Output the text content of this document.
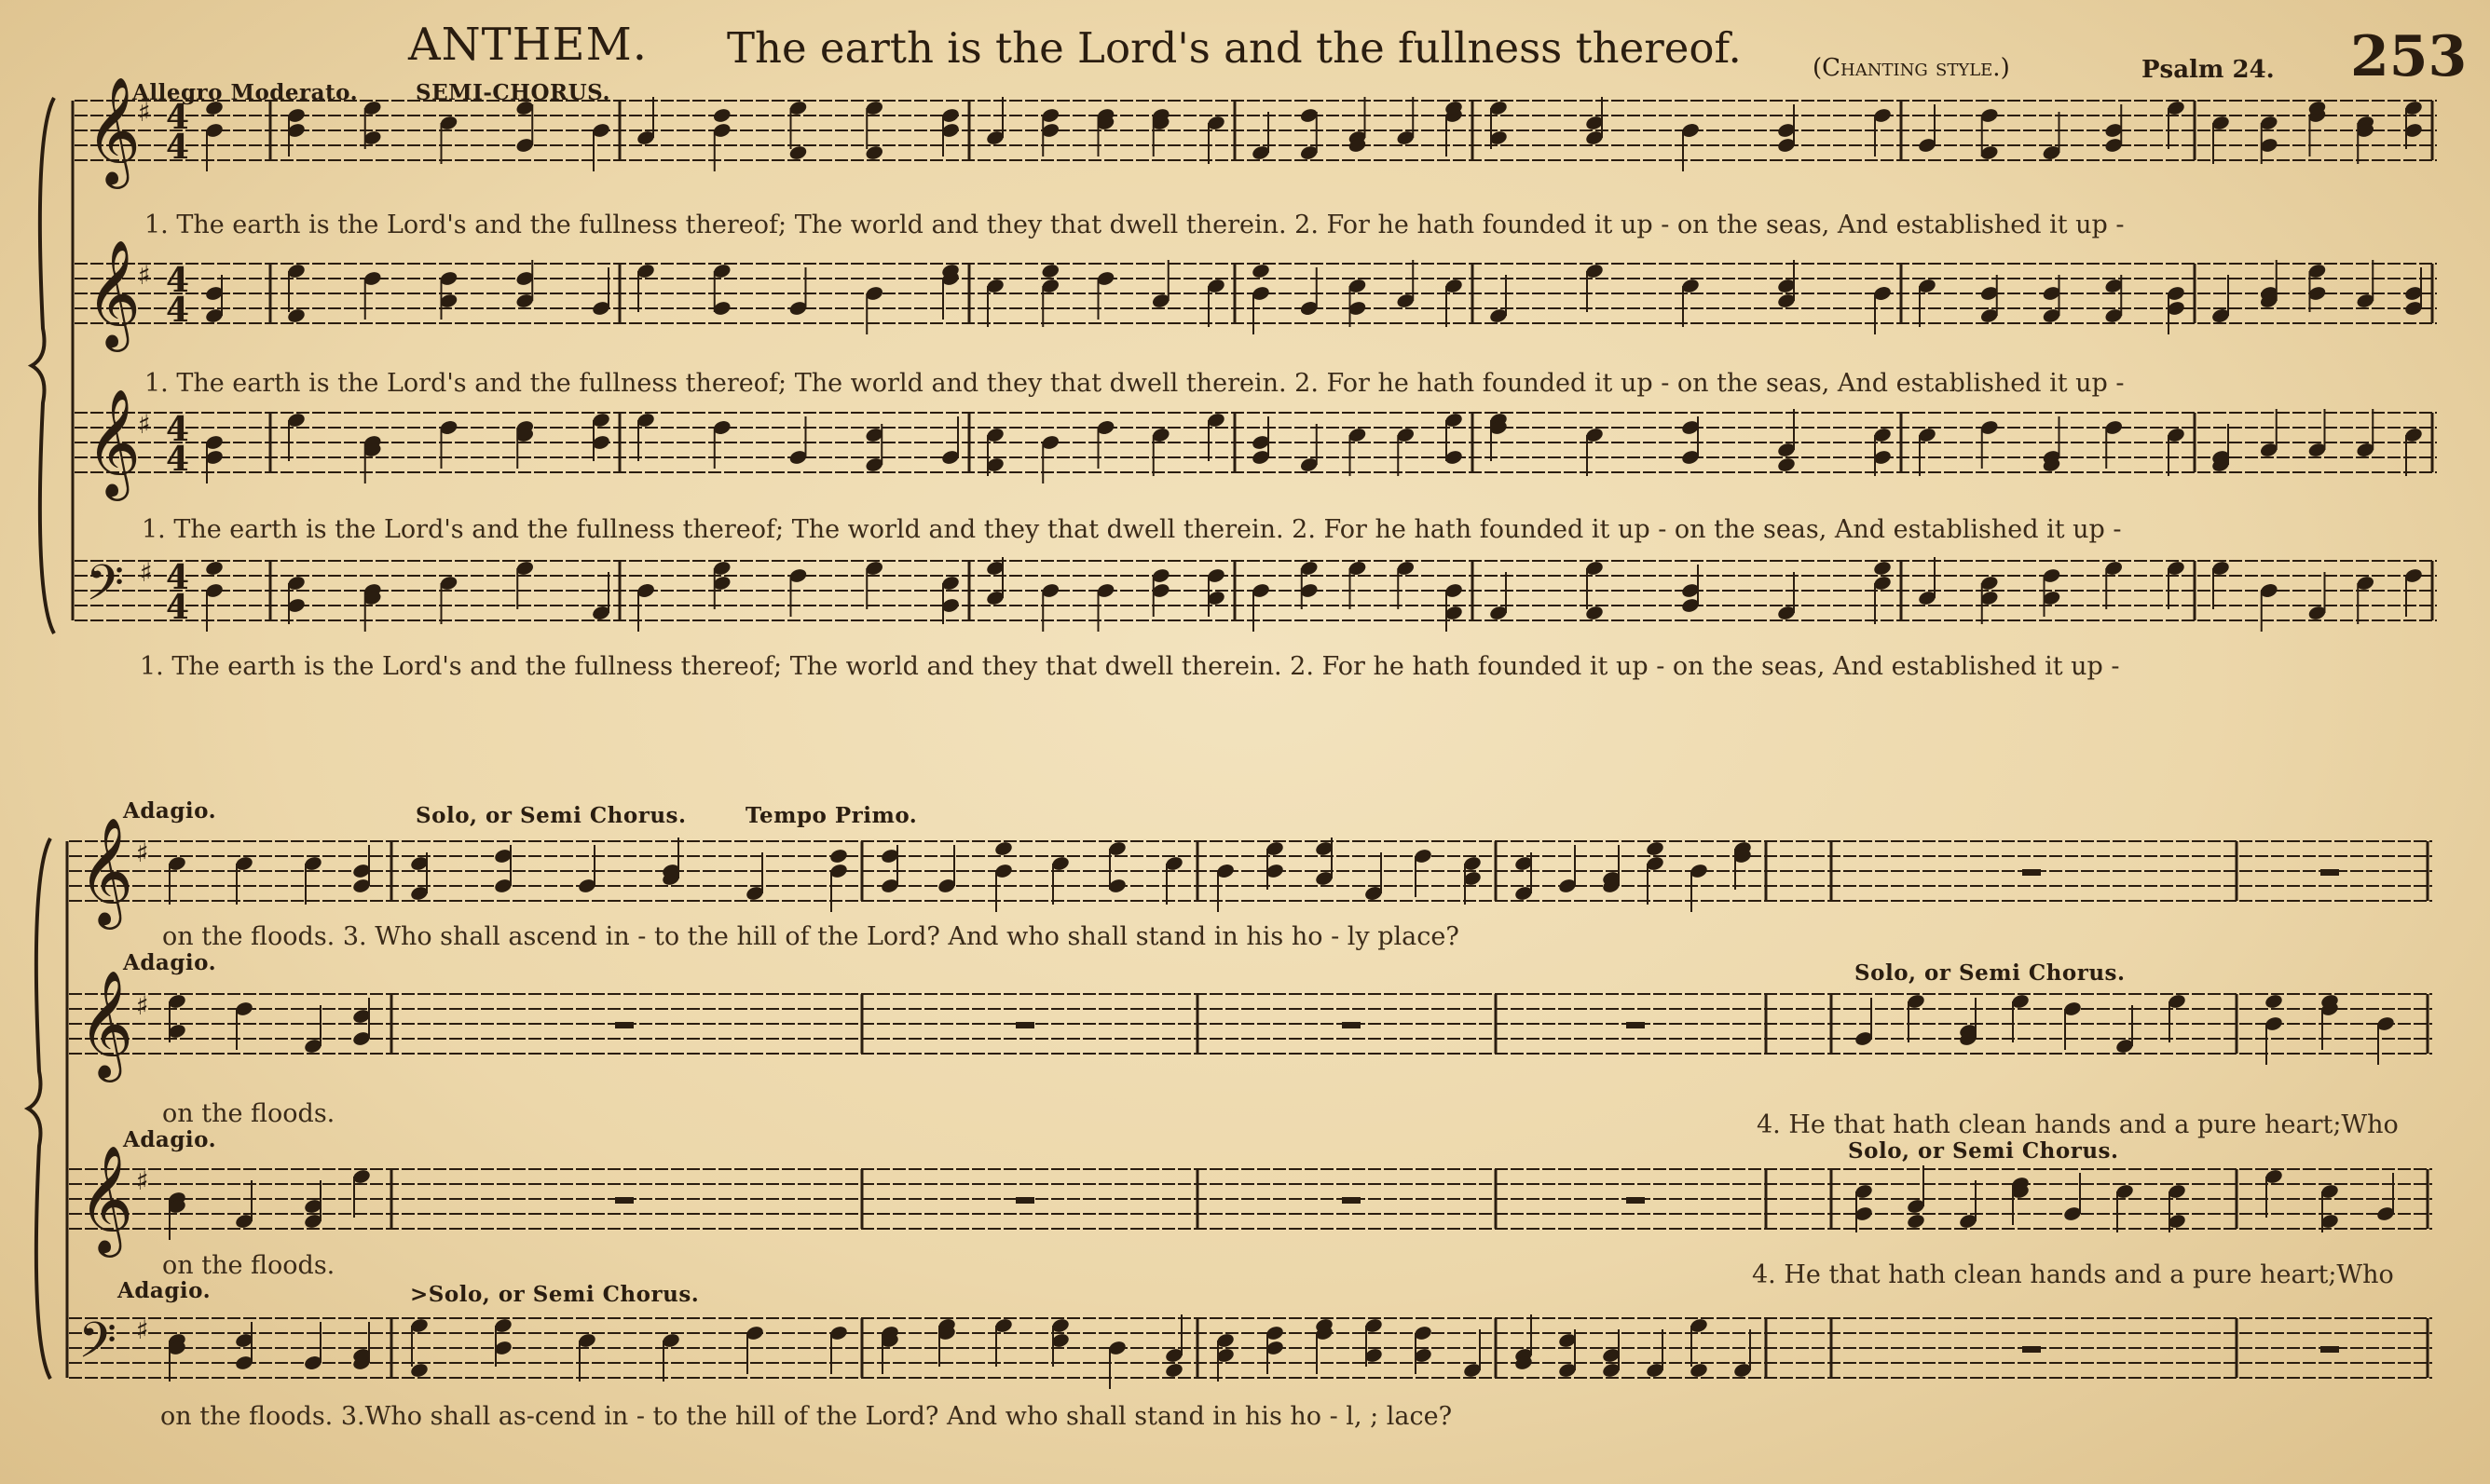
ANTHEM. The earth is the Lord's and the fullness thereof.	(Chanting style.)	Psalm 24. 253
𝄞
♯ 4
4
𝄞
♯ 4
4
𝄞
♯ 4
4
𝄢 ♯ 4
4
𝄞 ♯
𝄞 ♯
𝄞 ♯
𝄢 ♯
Allegro Moderato.	SEMI-CHORUS.
1. The earth is the Lord's and the fullness thereof; The world and they that dwell therein. 2. For he hath founded it up - on the seas, And established it up -
1. The earth is the Lord's and the fullness thereof; The world and they that dwell therein. 2. For he hath founded it up - on the seas, And established it up -
1. The earth is the Lord's and the fullness thereof; The world and they that dwell therein. 2. For he hath founded it up - on the seas, And established it up -
1. The earth is the Lord's and the fullness thereof; The world and they that dwell therein. 2. For he hath founded it up - on the seas, And established it up -
Adagio.	Solo, or Semi Chorus.	Tempo Primo.
on the floods. 3. Who shall ascend in - to the hill of the Lord? And who shall stand in his ho - ly place?
Adagio.	Solo, or Semi Chorus.
on the floods.	4. He that hath clean hands and a pure heart;Who
Adagio.	Solo, or Semi Chorus.
on the floods.	4. He that hath clean hands and a pure heart;Who
Adagio.	>Solo, or Semi Chorus.
on the floods. 3.Who shall as-cend in - to the hill of the Lord? And who shall stand in his ho - l, ; lace?
